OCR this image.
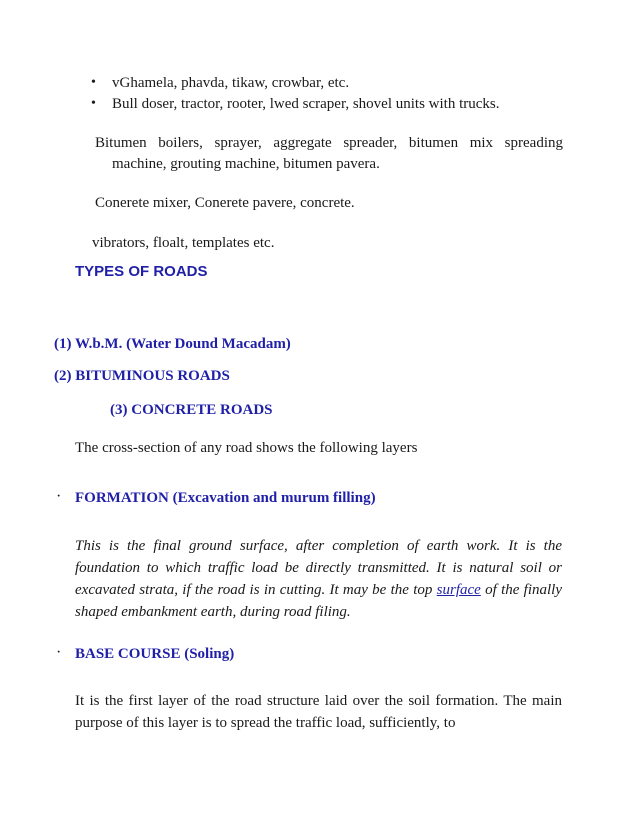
• vGhamela, phavda, tikaw, crowbar, etc.
• Bull doser, tractor, rooter, lwed scraper, shovel units with trucks.
Bitumen boilers, sprayer, aggregate spreader, bitumen mix spreading
machine, grouting machine, bitumen pavera.
Conerete mixer, Conerete pavere, concrete.
vibrators, floalt, templates etc.
TYPES OF ROADS
(1) W.b.M. (Water Dound Macadam)
(2) BITUMINOUS ROADS
(3) CONCRETE ROADS
The cross-section of any road shows the following layers
· FORMATION (Excavation and murum filling)
This is the final ground surface, after completion of earth work. It is the foundation to which traffic load be directly transmitted. It is natural soil or excavated strata, if the road is in cutting. It may be the top surface of the finally shaped embankment earth, during road filing.
· BASE COURSE (Soling)
It is the first layer of the road structure laid over the soil formation. The main purpose of this layer is to spread the traffic load, sufficiently, to
